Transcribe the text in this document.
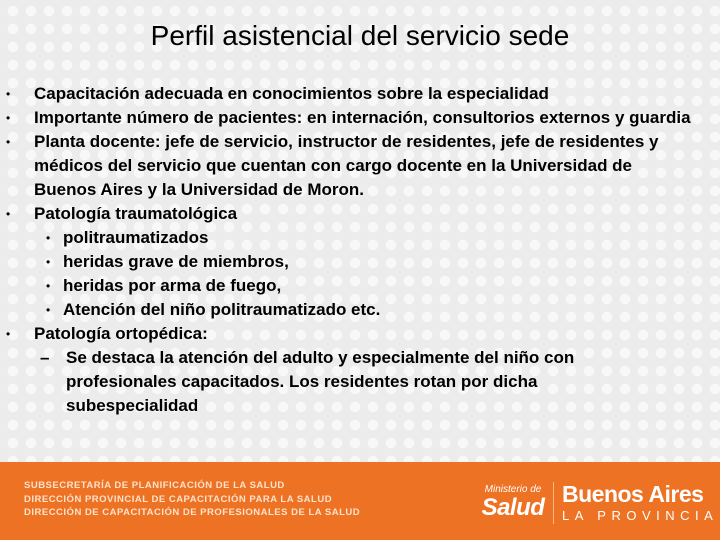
Perfil asistencial del servicio sede
• Capacitación adecuada en conocimientos sobre la especialidad
• Importante número de pacientes: en internación, consultorios externos y guardia
• Planta docente: jefe de servicio, instructor de residentes, jefe de residentes y médicos del servicio que cuentan con cargo docente en la Universidad de Buenos Aires y la Universidad de Moron.
• Patología traumatológica
• politraumatizados
• heridas grave de miembros,
• heridas por arma de fuego,
• Atención del niño politraumatizado etc.
• Patología ortopédica:
– Se destaca la atención del adulto y especialmente del niño con profesionales capacitados. Los residentes rotan por dicha subespecialidad
SUBSECRETARÍA DE PLANIFICACIÓN DE LA SALUD
DIRECCIÓN PROVINCIAL DE CAPACITACIÓN PARA LA SALUD
DIRECCIÓN DE CAPACITACIÓN DE PROFESIONALES DE LA SALUD
Ministerio de
Salud Buenos Aires
LA PROVINCIA
